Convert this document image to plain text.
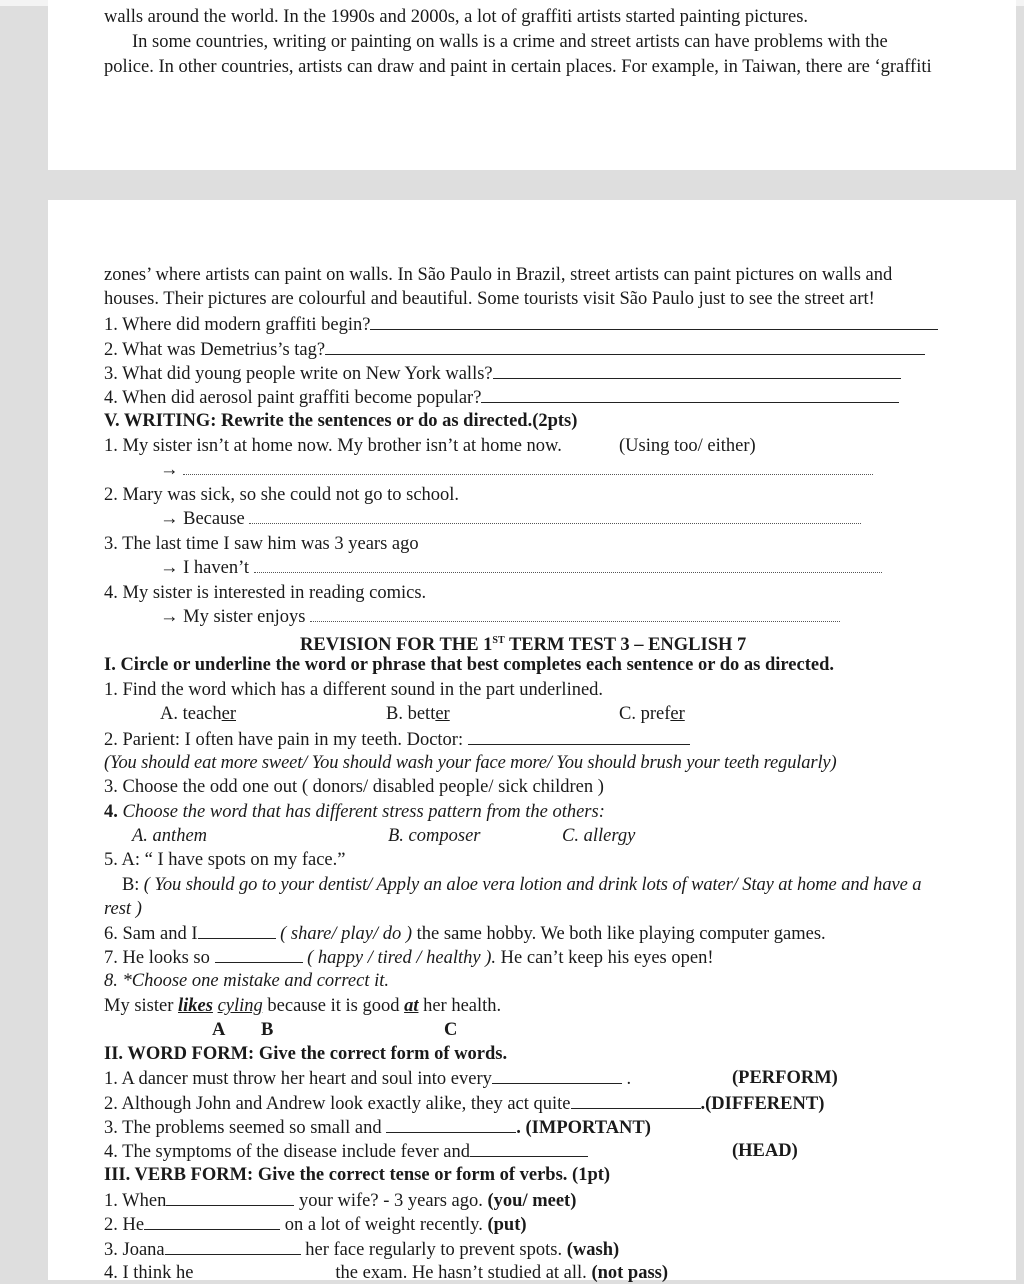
walls around the world. In the 1990s and 2000s, a lot of graffiti artists started painting pictures.
In some countries, writing or painting on walls is a crime and street artists can have problems with the
police. In other countries, artists can draw and paint in certain places. For example, in Taiwan, there are ‘graffiti
zones’ where artists can paint on walls. In São Paulo in Brazil, street artists can paint pictures on walls and
houses. Their pictures are colourful and beautiful. Some tourists visit São Paulo just to see the street art!
1. Where did modern graffiti begin?
2. What was Demetrius’s tag?
3. What did young people write on New York walls?
4. When did aerosol paint graffiti become popular?
V. WRITING: Rewrite the sentences or do as directed.(2pts)
1. My sister isn’t at home now. My brother isn’t at home now.	(Using too/ either)
→
2. Mary was sick, so she could not go to school.
→ Because
3. The last time I saw him was 3 years ago
→ I haven’t
4. My sister is interested in reading comics.
→ My sister enjoys
REVISION FOR THE 1ST TERM TEST 3 – ENGLISH 7
I. Circle or underline the word or phrase that best completes each sentence or do as directed.
1. Find the word which has a different sound in the part underlined.
A. teacher	B. better	C. prefer
2. Parient: I often have pain in my teeth. Doctor:
(You should eat more sweet/ You should wash your face more/ You should brush your teeth regularly)
3. Choose the odd one out ( donors/ disabled people/ sick children )
4. Choose the word that has different stress pattern from the others:
A. anthem	B. composer	C. allergy
5. A: “ I have spots on my face.”
B: ( You should go to your dentist/ Apply an aloe vera lotion and drink lots of water/ Stay at home and have a
rest )
6. Sam and I	( share/ play/ do ) the same hobby. We both like playing computer games.
7. He looks so	( happy / tired / healthy ). He can’t keep his eyes open!
8. *Choose one mistake and correct it.
My sister likes cyling because it is good at her health.
A B	C
II. WORD FORM: Give the correct form of words.
1. A dancer must throw her heart and soul into every	.	(PERFORM)
2. Although John and Andrew look exactly alike, they act quite	.(DIFFERENT)
3. The problems seemed so small and	. (IMPORTANT)
4. The symptoms of the disease include fever and	(HEAD)
III. VERB FORM: Give the correct tense or form of verbs. (1pt)
1. When	your wife? - 3 years ago. (you/ meet)
2. He	on a lot of weight recently. (put)
3. Joana	her face regularly to prevent spots. (wash)
4. I think he	the exam. He hasn’t studied at all. (not pass)
